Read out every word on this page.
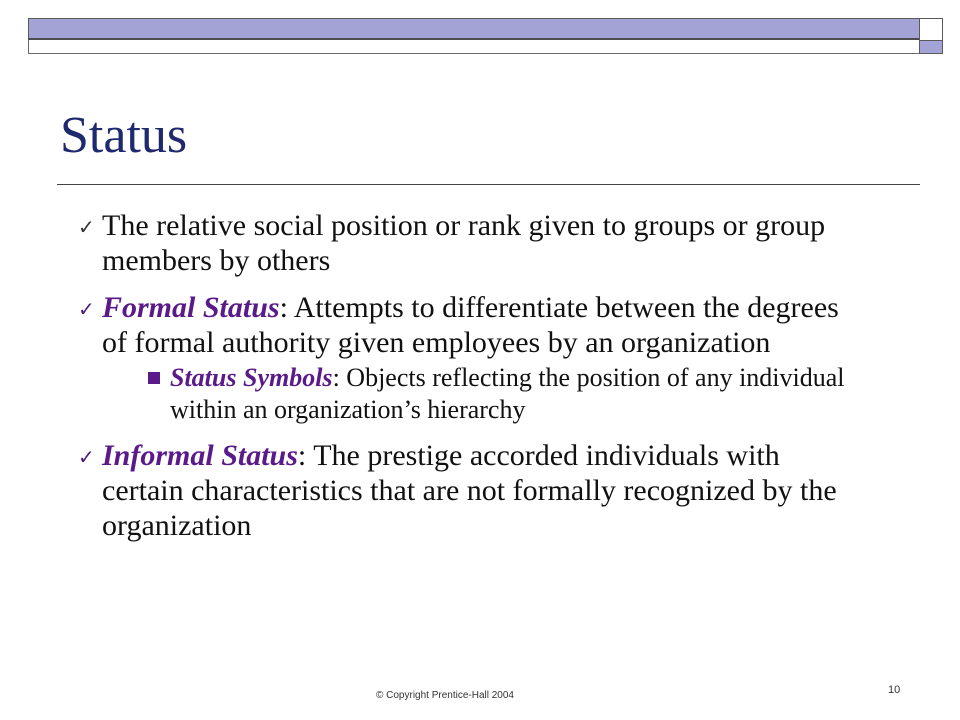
Status
✓ The relative social position or rank given to groups or group members by others
✓ Formal Status: Attempts to differentiate between the degrees of formal authority given employees by an organization
Status Symbols: Objects reflecting the position of any individual within an organization’s hierarchy
✓ Informal Status: The prestige accorded individuals with certain characteristics that are not formally recognized by the organization
© Copyright Prentice-Hall 2004	10
